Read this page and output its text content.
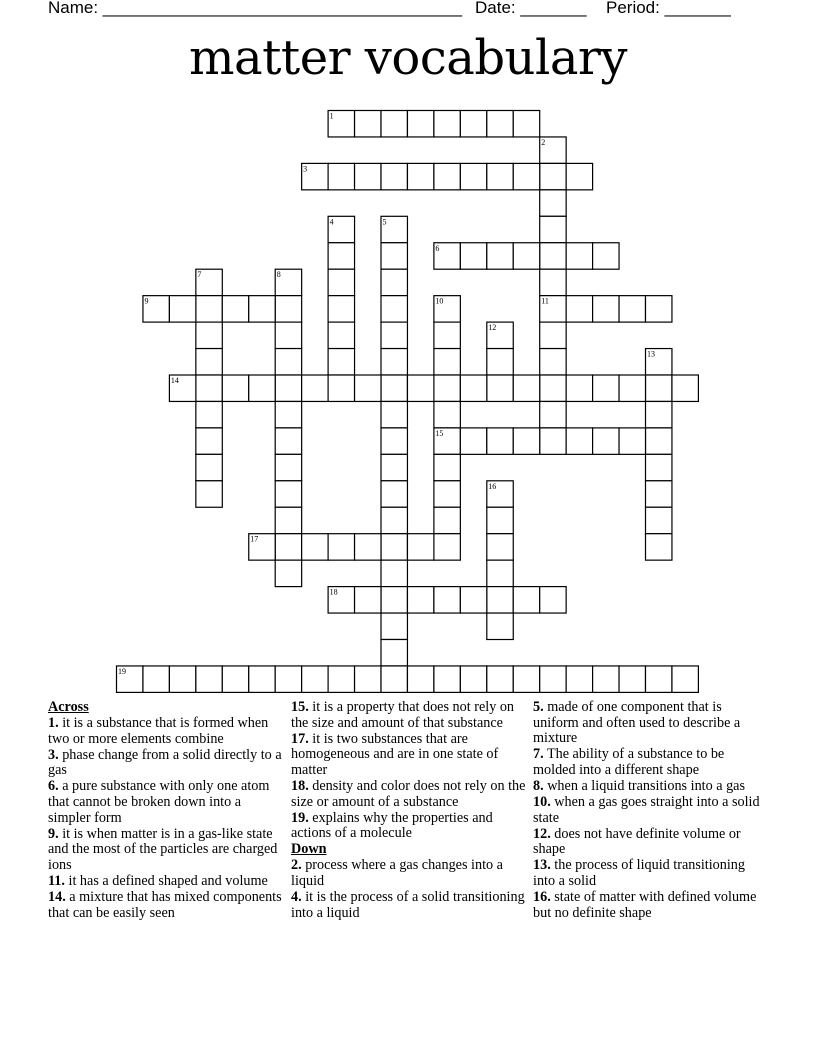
Name: ______________________________________ Date: _______ Period: _______
matter vocabulary
1
2
3
4	5
6
7	8
9	10	11
12
13
14
15
16
17
18
19
Across
1. it is a substance that is formed when two or more elements combine
3. phase change from a solid directly to a gas
6. a pure substance with only one atom that cannot be broken down into a simpler form
9. it is when matter is in a gas-like state and the most of the particles are charged ions
11. it has a defined shaped and volume
14. a mixture that has mixed components that can be easily seen
15. it is a property that does not rely on the size and amount of that substance
17. it is two substances that are homogeneous and are in one state of matter
18. density and color does not rely on the size or amount of a substance
19. explains why the properties and actions of a molecule
Down
2. process where a gas changes into a liquid
4. it is the process of a solid transitioning into a liquid
5. made of one component that is uniform and often used to describe a mixture
7. The ability of a substance to be molded into a different shape
8. when a liquid transitions into a gas
10. when a gas goes straight into a solid state
12. does not have definite volume or shape
13. the process of liquid transitioning into a solid
16. state of matter with defined volume but no definite shape
